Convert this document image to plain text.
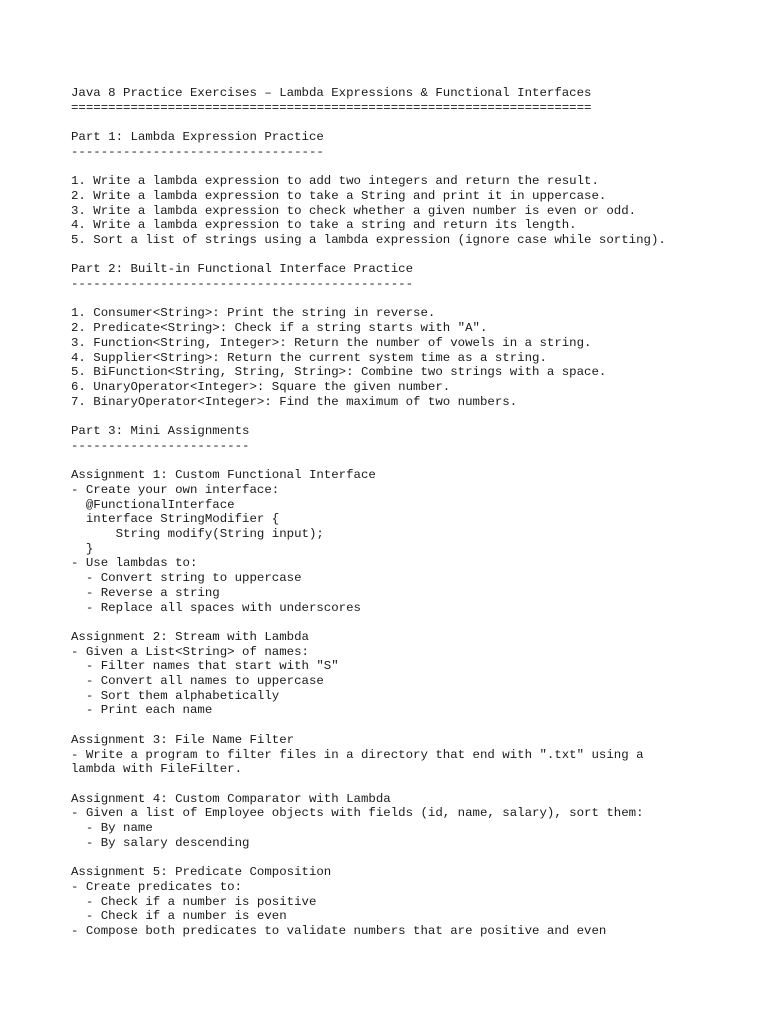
Java 8 Practice Exercises – Lambda Expressions & Functional Interfaces
======================================================================
Part 1: Lambda Expression Practice
----------------------------------
1. Write a lambda expression to add two integers and return the result.
2. Write a lambda expression to take a String and print it in uppercase.
3. Write a lambda expression to check whether a given number is even or odd.
4. Write a lambda expression to take a string and return its length.
5. Sort a list of strings using a lambda expression (ignore case while sorting).
Part 2: Built-in Functional Interface Practice
----------------------------------------------
1. Consumer<String>: Print the string in reverse.
2. Predicate<String>: Check if a string starts with "A".
3. Function<String, Integer>: Return the number of vowels in a string.
4. Supplier<String>: Return the current system time as a string.
5. BiFunction<String, String, String>: Combine two strings with a space.
6. UnaryOperator<Integer>: Square the given number.
7. BinaryOperator<Integer>: Find the maximum of two numbers.
Part 3: Mini Assignments
------------------------
Assignment 1: Custom Functional Interface
- Create your own interface:
@FunctionalInterface
interface StringModifier {
String modify(String input);
}
- Use lambdas to:
- Convert string to uppercase
- Reverse a string
- Replace all spaces with underscores
Assignment 2: Stream with Lambda
- Given a List<String> of names:
- Filter names that start with "S"
- Convert all names to uppercase
- Sort them alphabetically
- Print each name
Assignment 3: File Name Filter
- Write a program to filter files in a directory that end with ".txt" using a
lambda with FileFilter.
Assignment 4: Custom Comparator with Lambda
- Given a list of Employee objects with fields (id, name, salary), sort them:
- By name
- By salary descending
Assignment 5: Predicate Composition
- Create predicates to:
- Check if a number is positive
- Check if a number is even
- Compose both predicates to validate numbers that are positive and even
